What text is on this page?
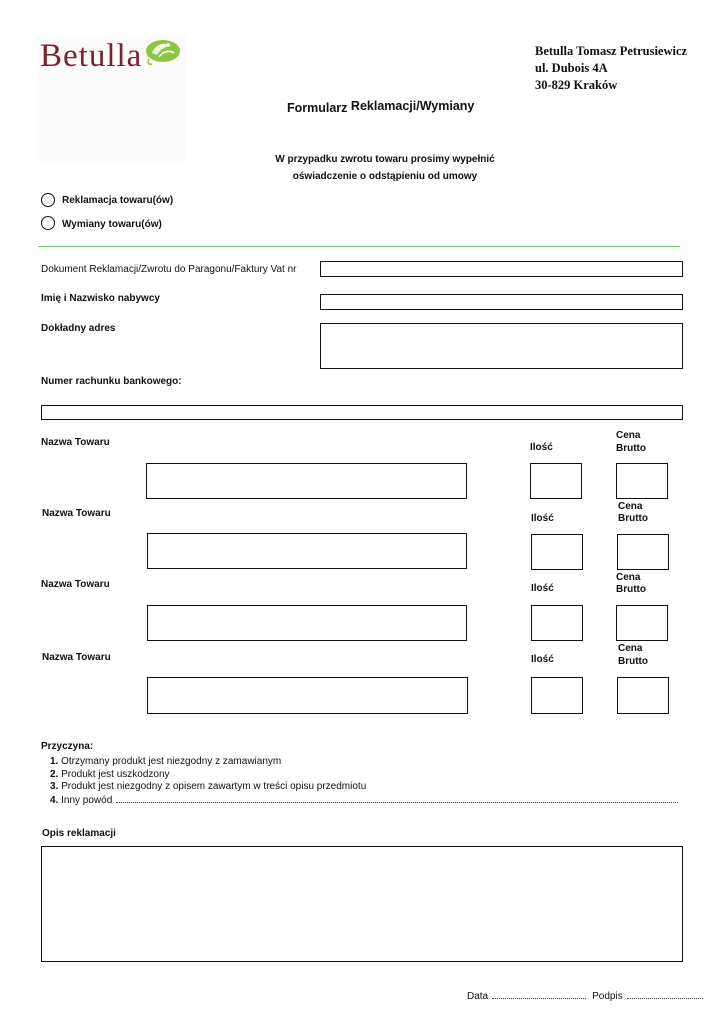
Betulla	Betulla Tomasz Petrusiewicz
ul. Dubois 4A
30-829 Kraków
Formularz Reklamacji/Wymiany
W przypadku zwrotu towaru prosimy wypełnić
oświadczenie o odstąpieniu od umowy
Reklamacja towaru(ów)
Wymiany towaru(ów)
Dokument Reklamacji/Zwrotu do Paragonu/Faktury Vat nr
Imię i Nazwisko nabywcy
Dokładny adres
Numer rachunku bankowego:
Nazwa Towaru	Ilość
Cena
Brutto
Nazwa Towaru	Ilość
Cena
Brutto
Nazwa Towaru	Ilość
Cena
Brutto
Nazwa Towaru	Ilość
Cena
Brutto
Przyczyna:
1. Otrzymany produkt jest niezgodny z zamawianym
2. Produkt jest uszkodzony
3. Produkt jest niezgodny z opisem zawartym w treści opisu przedmiotu
4. Inny powód
Opis reklamacji
Data	Podpis
